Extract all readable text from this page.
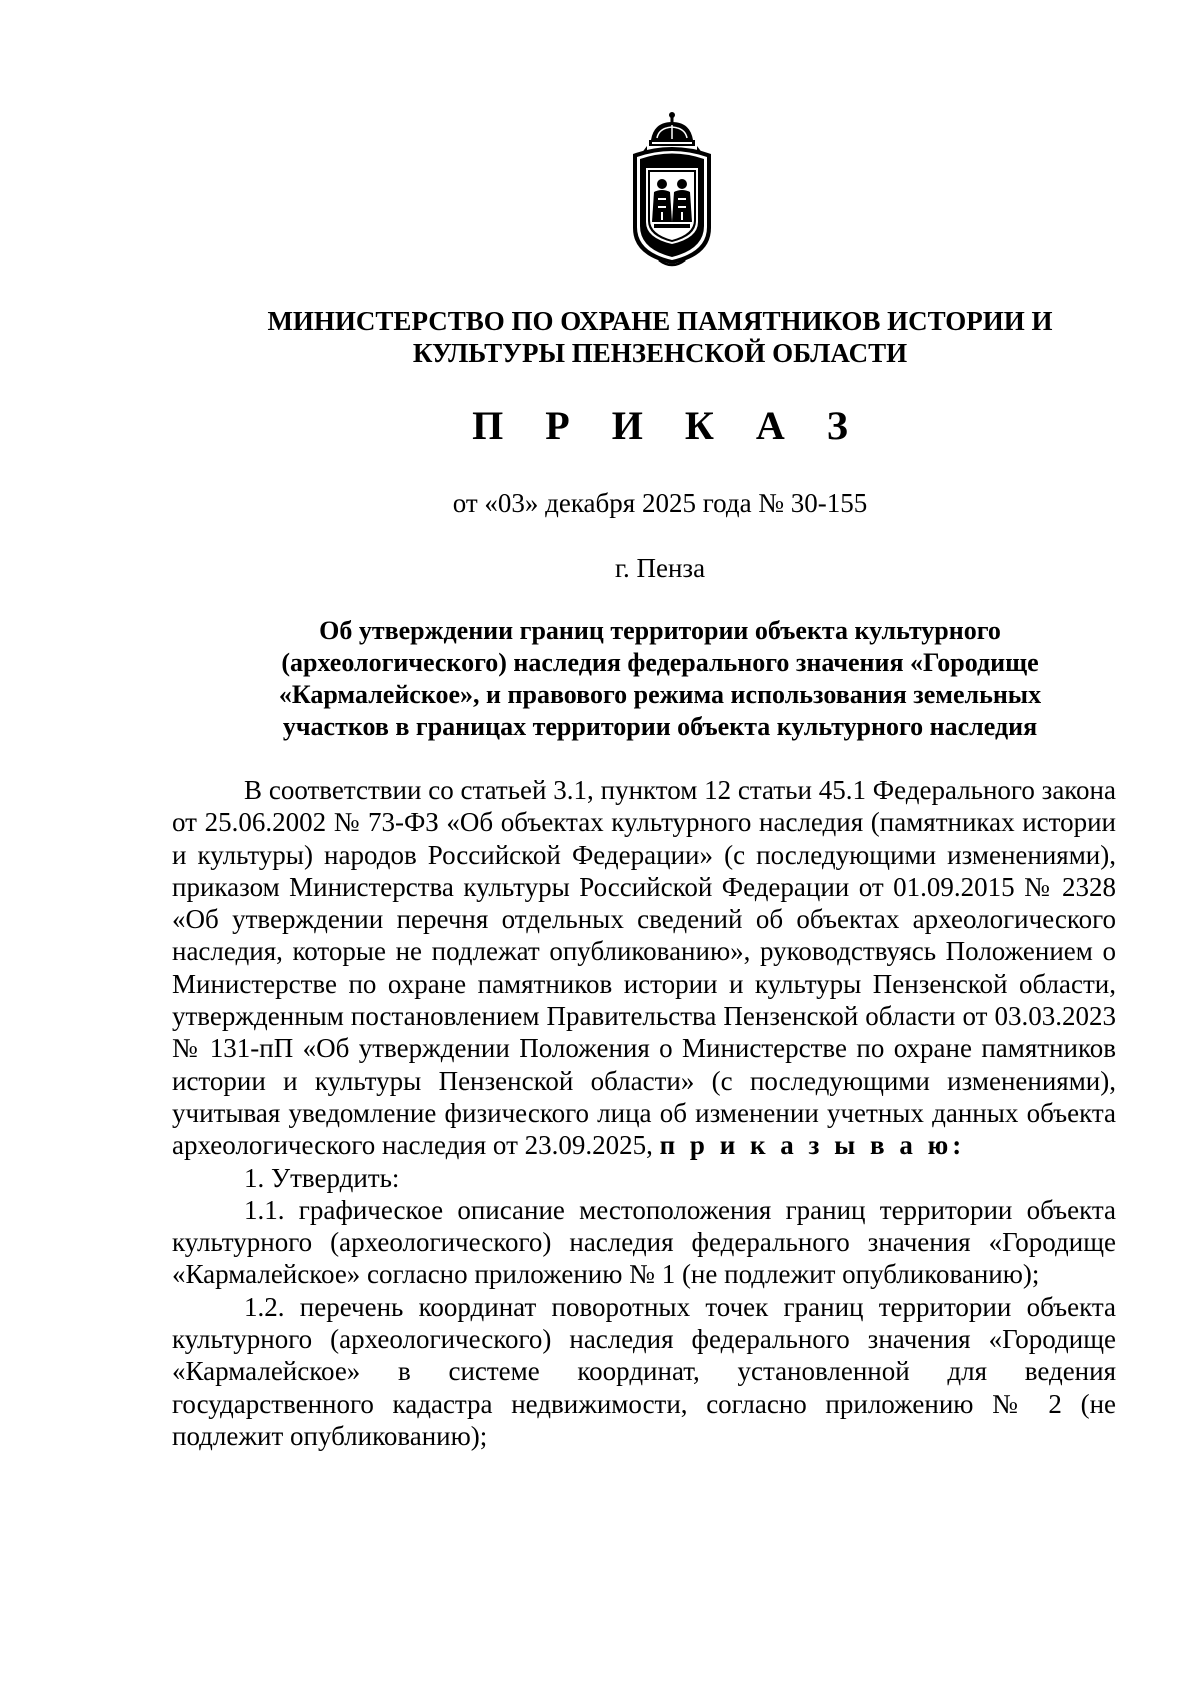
МИНИСТЕРСТВО ПО ОХРАНЕ ПАМЯТНИКОВ ИСТОРИИ И
КУЛЬТУРЫ ПЕНЗЕНСКОЙ ОБЛАСТИ
П Р И К А З
от «03» декабря 2025 года № 30-155
г. Пенза
Об утверждении границ территории объекта культурного
(археологического) наследия федерального значения «Городище
«Кармалейское», и правового режима использования земельных
участков в границах территории объекта культурного наследия

В соответствии со статьей 3.1, пунктом 12 статьи 45.1 Федерального закона от 25.06.2002 № 73-ФЗ «Об объектах культурного наследия (памятниках истории и культуры) народов Российской Федерации» (с последующими изменениями), приказом Министерства культуры Российской Федерации от 01.09.2015 № 2328 «Об утверждении перечня отдельных сведений об объектах археологического наследия, которые не подлежат опубликованию», руководствуясь Положением о Министерстве по охране памятников истории и культуры Пензенской области, утвержденным постановлением Правительства Пензенской области от 03.03.2023 № 131-пП «Об утверждении Положения о Министерстве по охране памятников истории и культуры Пензенской области» (с последующими изменениями), учитывая уведомление физического лица об изменении учетных данных объекта археологического наследия от 23.09.2025, п р и к а з ы в а ю:

1. Утвердить:

1.1. графическое описание местоположения границ территории объекта культурного (археологического) наследия федерального значения «Городище «Кармалейское» согласно приложению № 1 (не подлежит опубликованию);

1.2. перечень координат поворотных точек границ территории объекта культурного (археологического) наследия федерального значения «Городище «Кармалейское» в системе координат, установленной для ведения государственного кадастра недвижимости, согласно приложению № 2 (не подлежит опубликованию);
